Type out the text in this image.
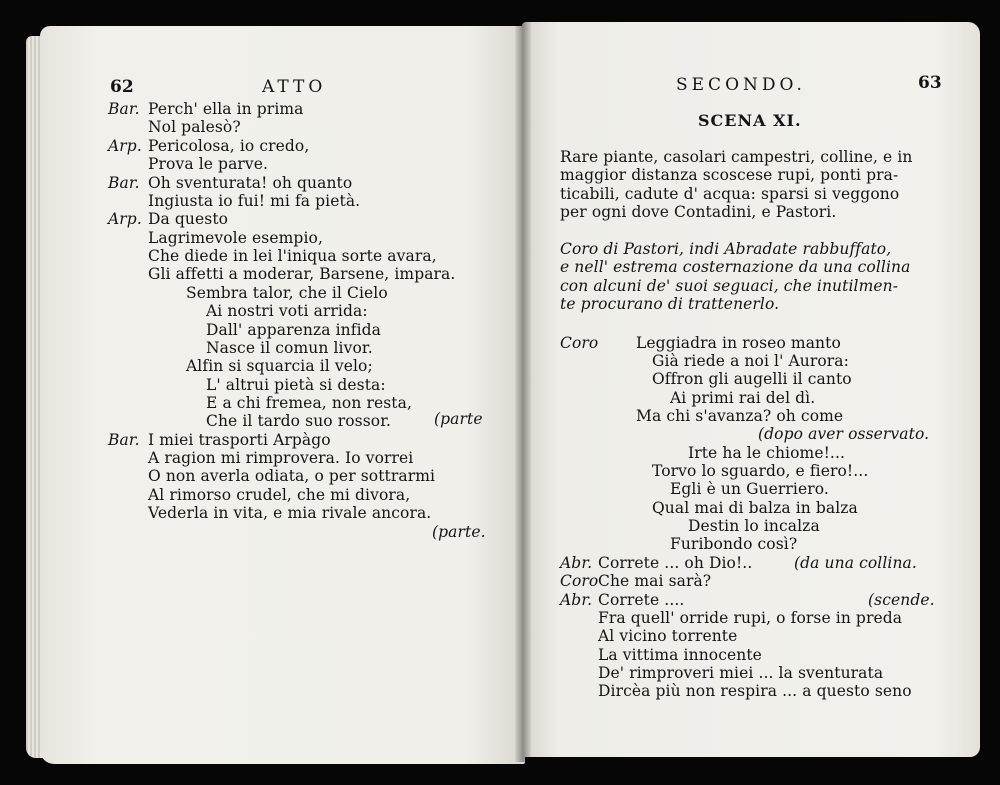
62	ATTO
Bar. Perch' ella in prima
Nol palesò?
Arp. Pericolosa, io credo,
Prova le parve.
Bar. Oh sventurata! oh quanto
Ingiusta io fui! mi fa pietà.
Arp. Da questo
Lagrimevole esempio,
Che diede in lei l'iniqua sorte avara,
Gli affetti a moderar, Barsene, impara.
Sembra talor, che il Cielo
Ai nostri voti arrida:
Dall' apparenza infida
Nasce il comun livor.
Alfin si squarcia il velo;
L' altrui pietà si desta:
E a chi fremea, non resta,
Che il tardo suo rossor.	(parte
Bar. I miei trasporti Arpàgo
A ragion mi rimprovera. Io vorrei
O non averla odiata, o per sottrarmi
Al rimorso crudel, che mi divora,
Vederla in vita, e mia rivale ancora.
(parte.
SECONDO.	63
SCENA XI.
Rare piante, casolari campestri, colline, e in
maggior distanza scoscese rupi, ponti pra-
ticabili, cadute d' acqua: sparsi si veggono
per ogni dove Contadini, e Pastori.
Coro di Pastori, indi Abradate rabbuffato,
e nell' estrema costernazione da una collina
con alcuni de' suoi seguaci, che inutilmen-
te procurano di trattenerlo.
Coro Leggiadra in roseo manto
Già riede a noi l' Aurora:
Offron gli augelli il canto
Ai primi rai del dì.
Ma chi s'avanza? oh come
(dopo aver osservato.
Irte ha le chiome!...
Torvo lo sguardo, e fiero!...
Egli è un Guerriero.
Qual mai di balza in balza
Destin lo incalza
Furibondo così?
Abr. Correte ... oh Dio!..	(da una collina.
Coro Che mai sarà?
Abr. Correte ....	(scende.
Fra quell' orride rupi, o forse in preda
Al vicino torrente
La vittima innocente
De' rimproveri miei ... la sventurata
Dircèa più non respira ... a questo seno
